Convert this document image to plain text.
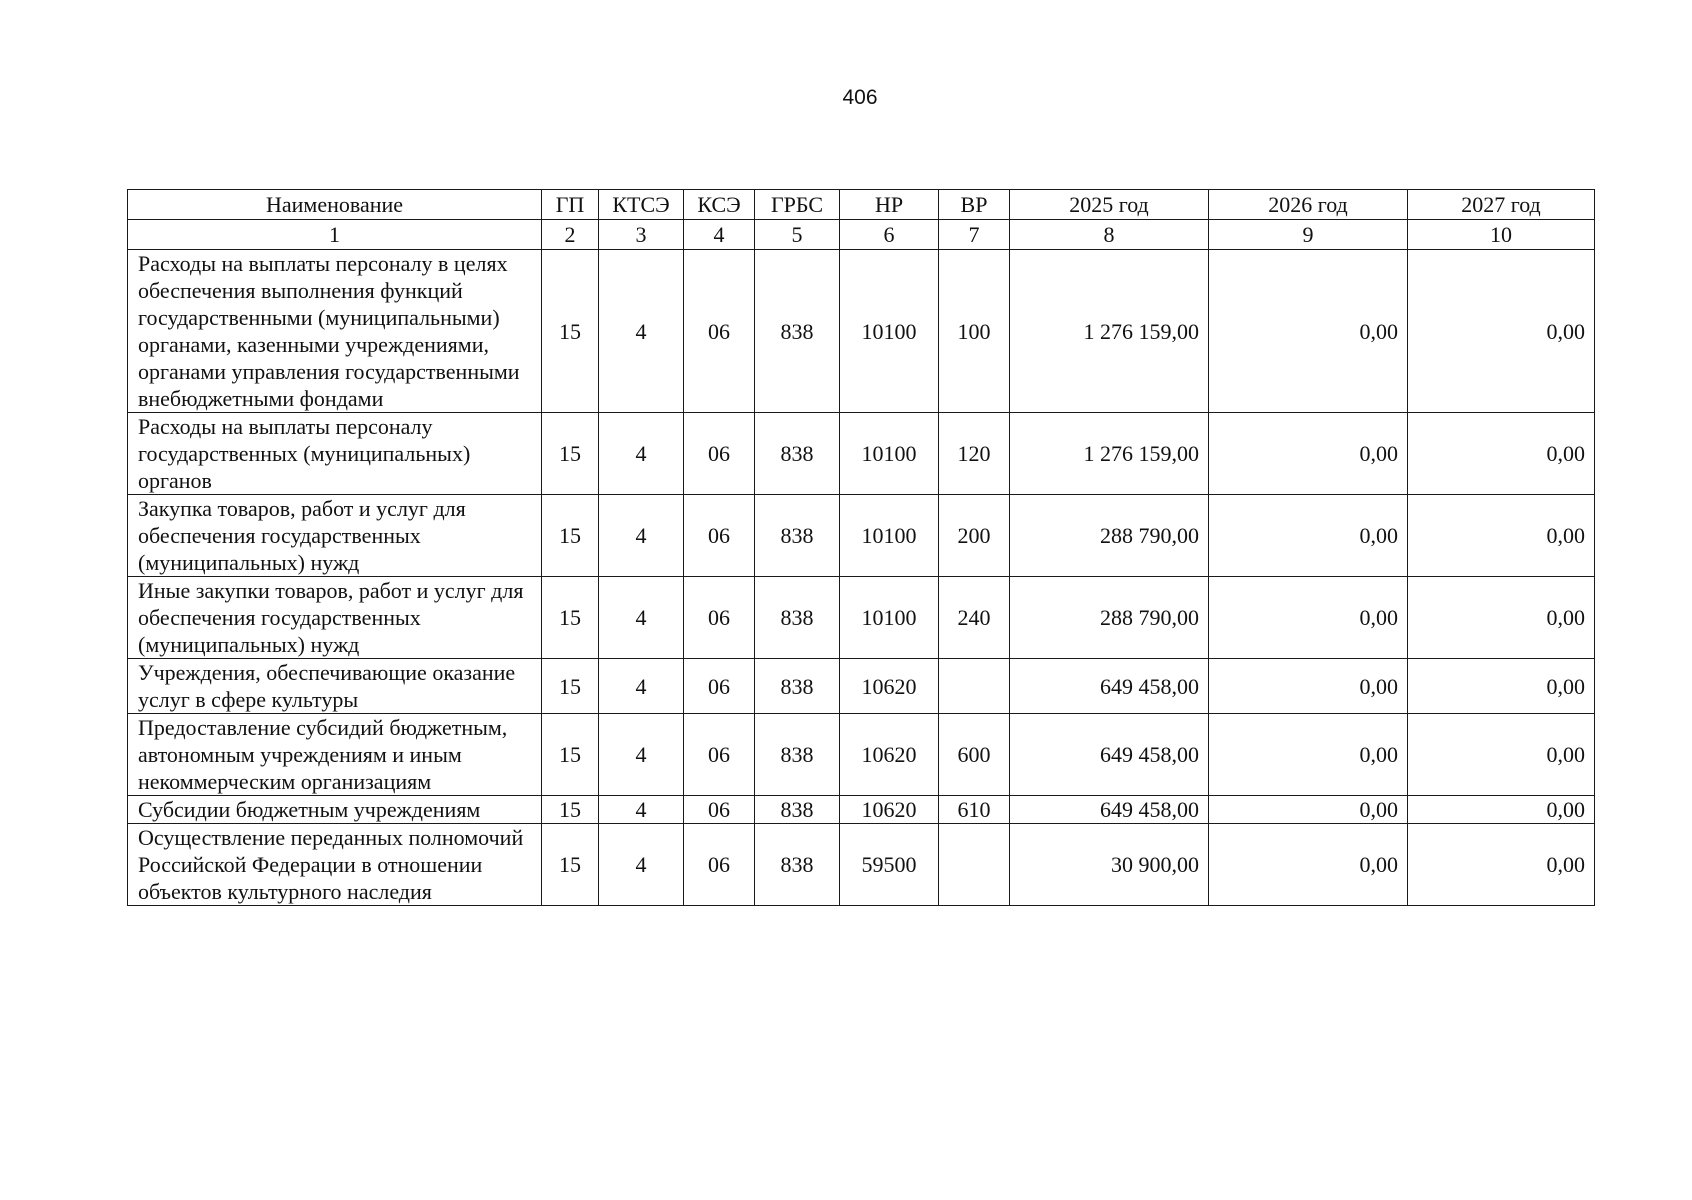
406
Наименование	ГП	КТСЭ	КСЭ	ГРБС	НР	ВР	2025 год	2026 год	2027 год
1	2	3	4	5	6	7	8	9	10
Расходы на выплаты персоналу в целях обеспечения выполнения функций государственными (муниципальными) органами, казенными учреждениями, органами управления государственными внебюджетными фондами	15	4	06	838	10100	100	1 276 159,00	0,00	0,00
Расходы на выплаты персоналу государственных (муниципальных) органов	15	4	06	838	10100	120	1 276 159,00	0,00	0,00
Закупка товаров, работ и услуг для обеспечения государственных (муниципальных) нужд	15	4	06	838	10100	200	288 790,00	0,00	0,00
Иные закупки товаров, работ и услуг для обеспечения государственных (муниципальных) нужд	15	4	06	838	10100	240	288 790,00	0,00	0,00
Учреждения, обеспечивающие оказание услуг в сфере культуры	15	4	06	838	10620		649 458,00	0,00	0,00
Предоставление субсидий бюджетным, автономным учреждениям и иным некоммерческим организациям	15	4	06	838	10620	600	649 458,00	0,00	0,00
Субсидии бюджетным учреждениям	15	4	06	838	10620	610	649 458,00	0,00	0,00
Осуществление переданных полномочий Российской Федерации в отношении объектов культурного наследия	15	4	06	838	59500		30 900,00	0,00	0,00
